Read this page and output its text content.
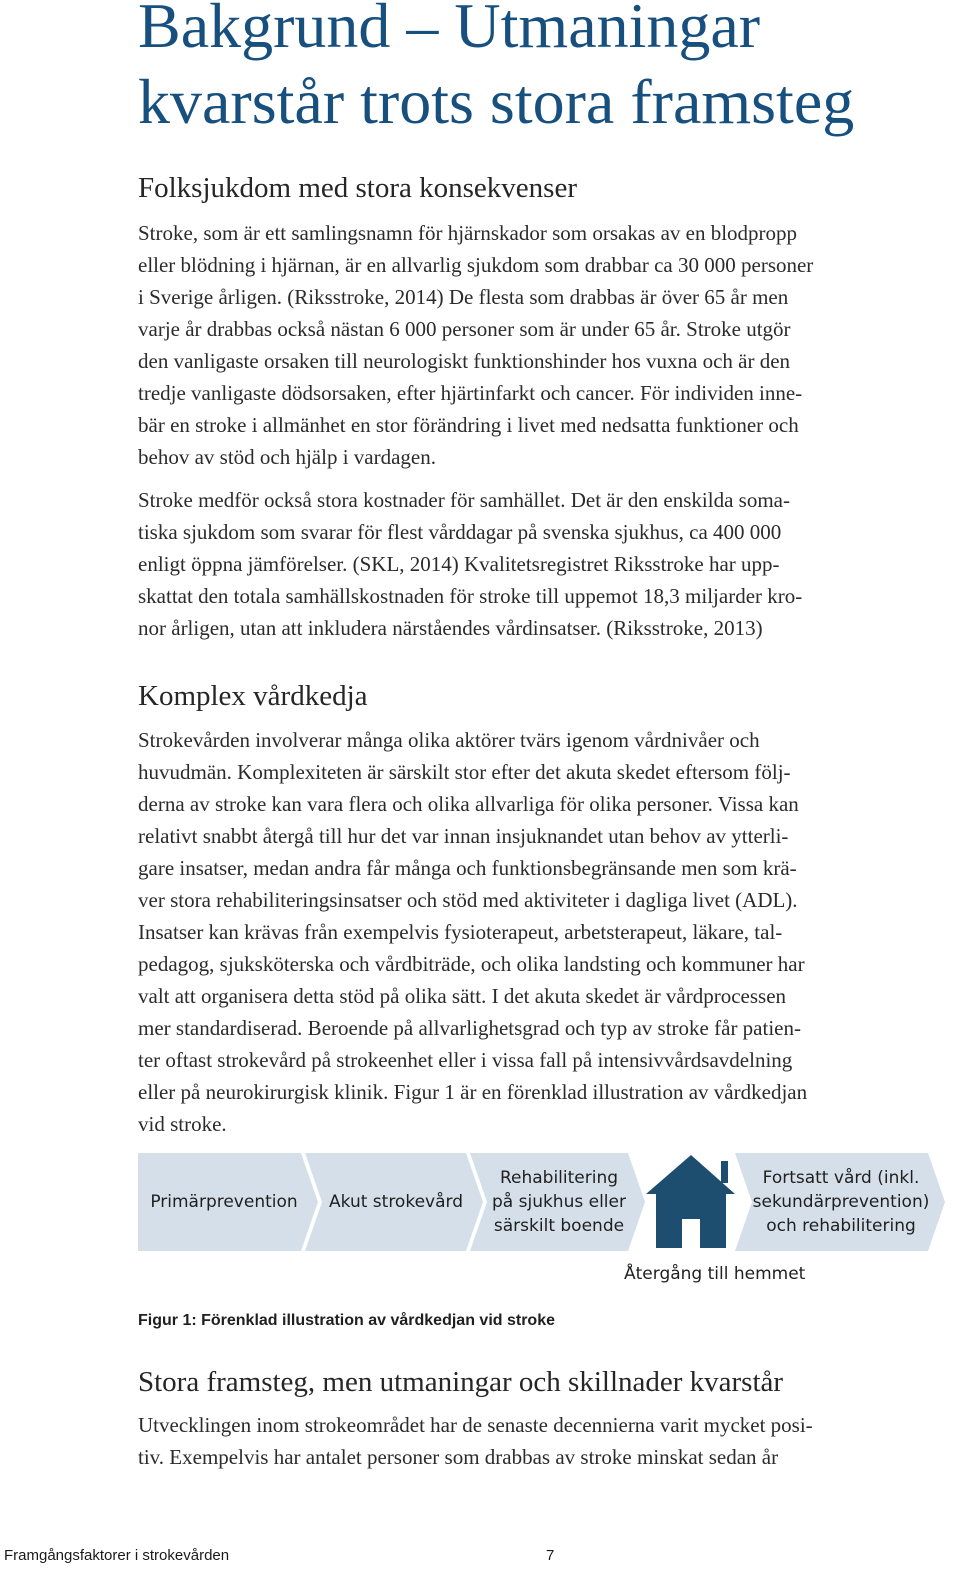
Bakgrund – Utmaningar
kvarstår trots stora framsteg
Folksjukdom med stora konsekvenser
Stroke, som är ett samlingsnamn för hjärnskador som orsakas av en blodpropp
eller blödning i hjärnan, är en allvarlig sjukdom som drabbar ca 30 000 personer
i Sverige årligen. (Riksstroke, 2014) De flesta som drabbas är över 65 år men
varje år drabbas också nästan 6 000 personer som är under 65 år. Stroke utgör
den vanligaste orsaken till neurologiskt funktionshinder hos vuxna och är den
tredje vanligaste dödsorsaken, efter hjärtinfarkt och cancer. För individen inne-
bär en stroke i allmänhet en stor förändring i livet med nedsatta funktioner och
behov av stöd och hjälp i vardagen.
Stroke medför också stora kostnader för samhället. Det är den enskilda soma-
tiska sjukdom som svarar för flest vårddagar på svenska sjukhus, ca 400 000
enligt öppna jämförelser. (SKL, 2014) Kvalitetsregistret Riksstroke har upp-
skattat den totala samhällskostnaden för stroke till uppemot 18,3 miljarder kro-
nor årligen, utan att inkludera närståendes vårdinsatser. (Riksstroke, 2013)
Komplex vårdkedja
Strokevården involverar många olika aktörer tvärs igenom vårdnivåer och
huvudmän. Komplexiteten är särskilt stor efter det akuta skedet eftersom följ-
derna av stroke kan vara flera och olika allvarliga för olika personer. Vissa kan
relativt snabbt återgå till hur det var innan insjuknandet utan behov av ytterli-
gare insatser, medan andra får många och funktionsbegränsande men som krä-
ver stora rehabiliteringsinsatser och stöd med aktiviteter i dagliga livet (ADL).
Insatser kan krävas från exempelvis fysioterapeut, arbetsterapeut, läkare, tal-
pedagog, sjuksköterska och vårdbiträde, och olika landsting och kommuner har
valt att organisera detta stöd på olika sätt. I det akuta skedet är vårdprocessen
mer standardiserad. Beroende på allvarlighetsgrad och typ av stroke får patien-
ter oftast strokevård på strokeenhet eller i vissa fall på intensivvårdsavdelning
eller på neurokirurgisk klinik. Figur 1 är en förenklad illustration av vårdkedjan
vid stroke.
Primärprevention Akut strokevård
Rehabilitering
på sjukhus eller
särskilt boende
Fortsatt vård (inkl.
sekundärprevention)
och rehabilitering
Återgång till hemmet

Figur 1: Förenklad illustration av vårdkedjan vid stroke

Stora framsteg, men utmaningar och skillnader kvarstår
Utvecklingen inom strokeområdet har de senaste decennierna varit mycket posi-
tiv. Exempelvis har antalet personer som drabbas av stroke minskat sedan år
Framgångsfaktorer i strokevården	7
